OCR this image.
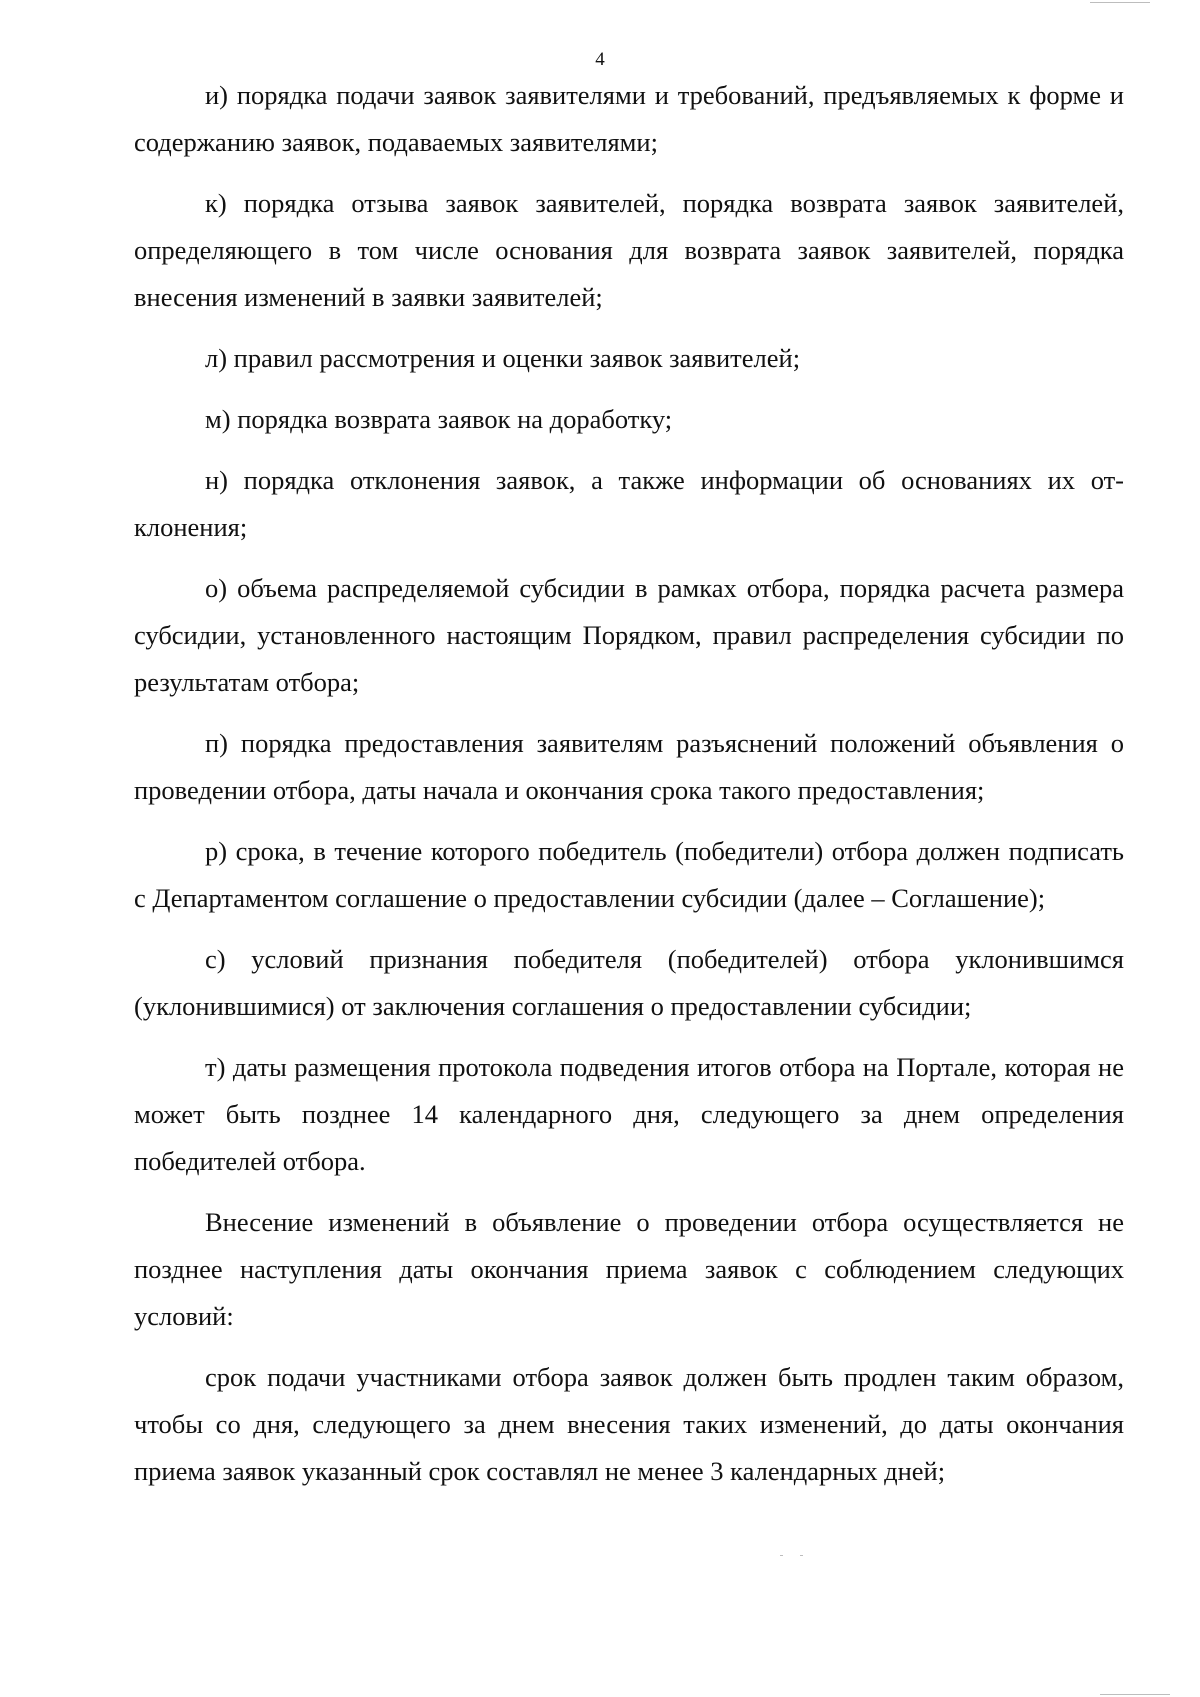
4

и) порядка подачи заявок заявителями и требований, предъявляемых к форме и содержанию заявок, подаваемых заявителями;

к) порядка отзыва заявок заявителей, порядка возврата заявок заявителей, определяющего в том числе основания для возврата заявок заявителей, порядка внесения изменений в заявки заявителей;

л) правил рассмотрения и оценки заявок заявителей;

м) порядка возврата заявок на доработку;

н) порядка отклонения заявок, а также информации об основаниях их отклонения;

о) объема распределяемой субсидии в рамках отбора, порядка расчета размера субсидии, установленного настоящим Порядком, правил распределения субсидии по результатам отбора;

п) порядка предоставления заявителям разъяснений положений объявления о проведении отбора, даты начала и окончания срока такого предоставления;

р) срока, в течение которого победитель (победители) отбора должен подписать с Департаментом соглашение о предоставлении субсидии (далее – Соглашение);

с) условий признания победителя (победителей) отбора уклонившимся (уклонившимися) от заключения соглашения о предоставлении субсидии;

т) даты размещения протокола подведения итогов отбора на Портале, которая не может быть позднее 14 календарного дня, следующего за днем определения победителей отбора.

Внесение изменений в объявление о проведении отбора осуществляется не позднее наступления даты окончания приема заявок с соблюдением следующих условий:

срок подачи участниками отбора заявок должен быть продлен таким образом, чтобы со дня, следующего за днем внесения таких изменений, до даты окончания приема заявок указанный срок составлял не менее 3 календарных дней;
